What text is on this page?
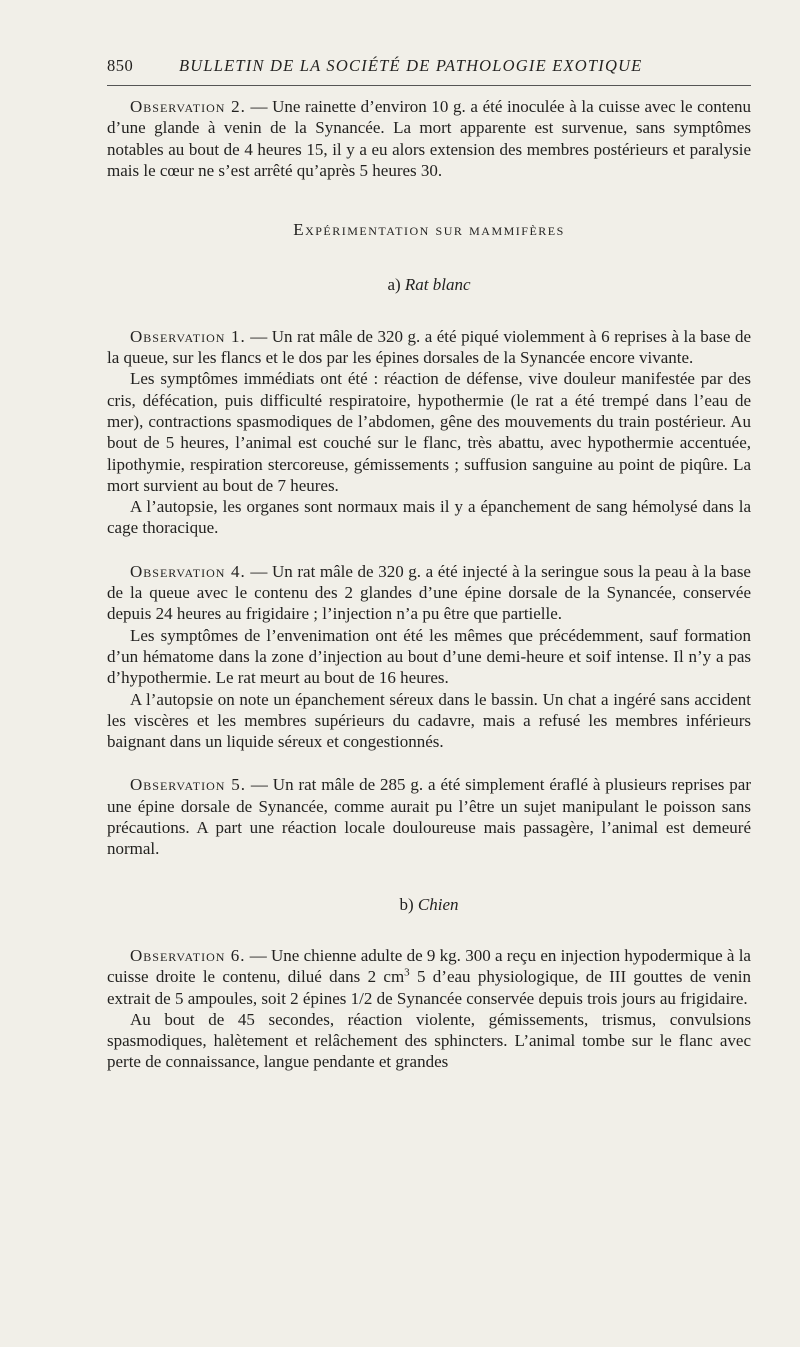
850	BULLETIN DE LA SOCIÉTÉ DE PATHOLOGIE EXOTIQUE

Observation 2. — Une rainette d’environ 10 g. a été inoculée à la cuisse avec le contenu d’une glande à venin de la Synancée. La mort apparente est survenue, sans symptômes notables au bout de 4 heures 15, il y a eu alors extension des membres postérieurs et paralysie mais le cœur ne s’est arrêté qu’après 5 heures 30.

Expérimentation sur mammifères

a) Rat blanc

Observation 1. — Un rat mâle de 320 g. a été piqué violemment à 6 reprises à la base de la queue, sur les flancs et le dos par les épines dorsales de la Synancée encore vivante.

Les symptômes immédiats ont été : réaction de défense, vive douleur manifestée par des cris, défécation, puis difficulté respiratoire, hypothermie (le rat a été trempé dans l’eau de mer), contractions spasmodiques de l’abdomen, gêne des mouvements du train postérieur. Au bout de 5 heures, l’animal est couché sur le flanc, très abattu, avec hypothermie accentuée, lipothymie, respiration stercoreuse, gémissements ; suffusion sanguine au point de piqûre. La mort survient au bout de 7 heures.

A l’autopsie, les organes sont normaux mais il y a épanchement de sang hémolysé dans la cage thoracique.

Observation 4. — Un rat mâle de 320 g. a été injecté à la seringue sous la peau à la base de la queue avec le contenu des 2 glandes d’une épine dorsale de la Synancée, conservée depuis 24 heures au frigidaire ; l’injection n’a pu être que partielle.

Les symptômes de l’envenimation ont été les mêmes que précédemment, sauf formation d’un hématome dans la zone d’injection au bout d’une demi-heure et soif intense. Il n’y a pas d’hypothermie. Le rat meurt au bout de 16 heures.

A l’autopsie on note un épanchement séreux dans le bassin. Un chat a ingéré sans accident les viscères et les membres supérieurs du cadavre, mais a refusé les membres inférieurs baignant dans un liquide séreux et congestionnés.

Observation 5. — Un rat mâle de 285 g. a été simplement éraflé à plusieurs reprises par une épine dorsale de Synancée, comme aurait pu l’être un sujet manipulant le poisson sans précautions. A part une réaction locale douloureuse mais passagère, l’animal est demeuré normal.

b) Chien

Observation 6. — Une chienne adulte de 9 kg. 300 a reçu en injection hypodermique à la cuisse droite le contenu, dilué dans 2 $cm^3$ 5 d’eau physiologique, de III gouttes de venin extrait de 5 ampoules, soit 2 épines 1/2 de Synancée conservée depuis trois jours au frigidaire.

Au bout de 45 secondes, réaction violente, gémissements, trismus, convulsions spasmodiques, halètement et relâchement des sphincters. L’animal tombe sur le flanc avec perte de connaissance, langue pendante et grandes
